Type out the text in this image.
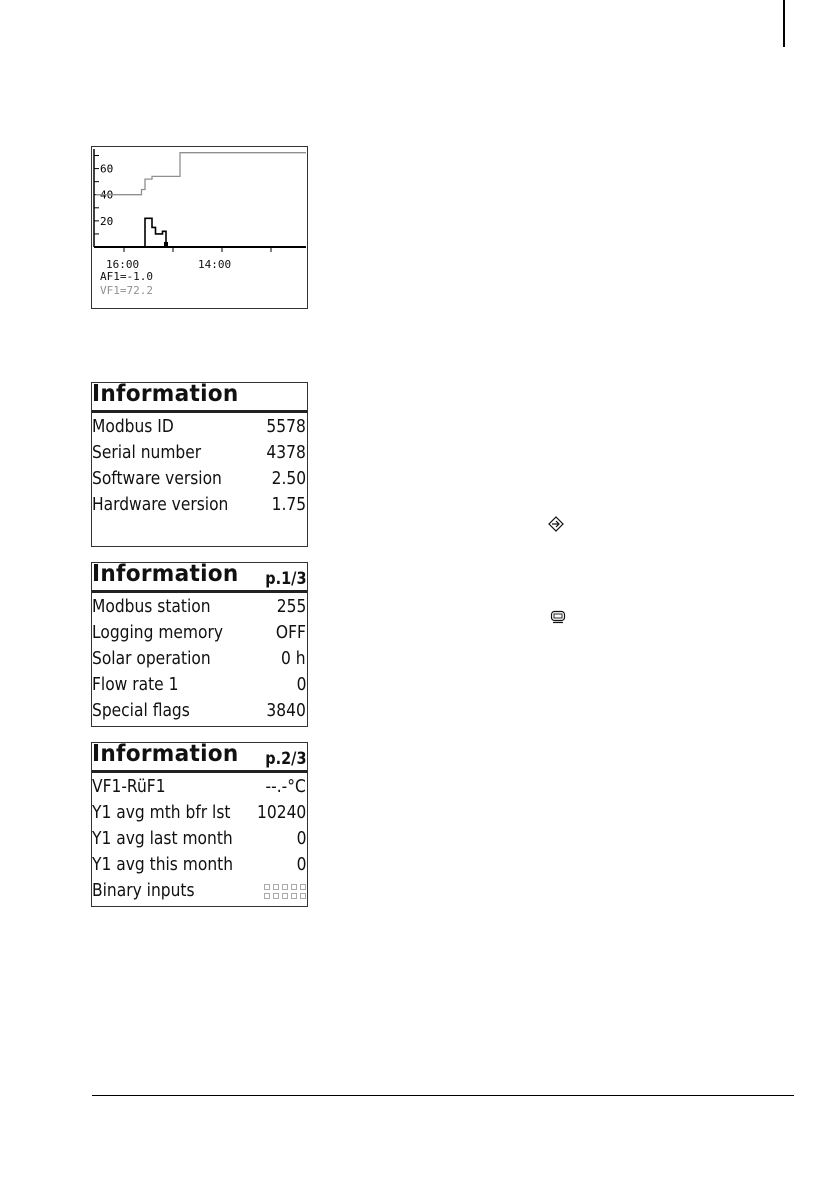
60
40
20
16:00	14:00
AF1=-1.0
VF1=72.2
Information
Modbus ID	5578
Serial number	4378
Software version	2.50
Hardware version 1.75
Information p.1/3
Modbus station	255
Logging memory	OFF
Solar operation	0 h
Flow rate 1	0
Special flags	3840
Information p.2/3
VF1-RüF1	--.-°C
Y1 avg mth bfr lst 10240
Y1 avg last month	0
Y1 avg this month	0
Binary inputs
